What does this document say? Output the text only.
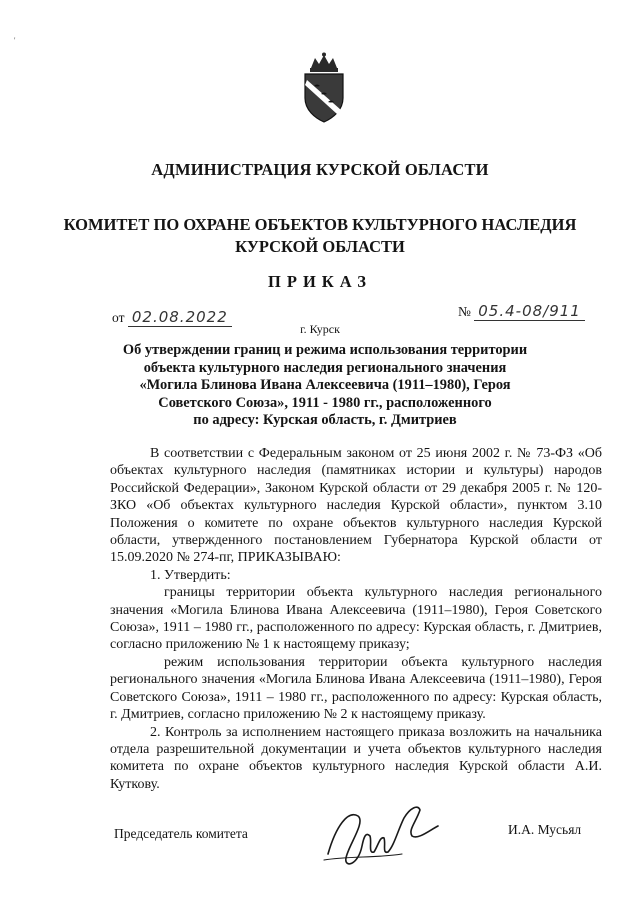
'
АДМИНИСТРАЦИЯ КУРСКОЙ ОБЛАСТИ
КОМИТЕТ ПО ОХРАНЕ ОБЪЕКТОВ КУЛЬТУРНОГО НАСЛЕДИЯ
КУРСКОЙ ОБЛАСТИ
ПРИКАЗ
от 02.08.2022	№ 05.4-08/911
г. Курск
Об утверждении границ и режима использования территории
объекта культурного наследия регионального значения
«Могила Блинова Ивана Алексеевича (1911–1980), Героя
Советского Союза», 1911 - 1980 гг., расположенного
по адресу: Курская область, г. Дмитриев

В соответствии с Федеральным законом от 25 июня 2002 г. № 73-ФЗ «Об объектах культурного наследия (памятниках истории и культуры) народов Российской Федерации», Законом Курской области от 29 декабря 2005 г. № 120-ЗКО «Об объектах культурного наследия Курской области», пунктом 3.10 Положения о комитете по охране объектов культурного наследия Курской области, утвержденного постановлением Губернатора Курской области от 15.09.2020 № 274-пг, ПРИКАЗЫВАЮ:

1. Утвердить:

границы территории объекта культурного наследия регионального значения «Могила Блинова Ивана Алексеевича (1911–1980), Героя Советского Союза», 1911 – 1980 гг., расположенного по адресу: Курская область, г. Дмитриев, согласно приложению № 1 к настоящему приказу;

режим использования территории объекта культурного наследия регионального значения «Могила Блинова Ивана Алексеевича (1911–1980), Героя Советского Союза», 1911 – 1980 гг., расположенного по адресу: Курская область, г. Дмитриев, согласно приложению № 2 к настоящему приказу.

2. Контроль за исполнением настоящего приказа возложить на начальника отдела разрешительной документации и учета объектов культурного наследия комитета по охране объектов культурного наследия Курской области А.И. Куткову.

Председатель комитета	И.А. Мусьял
